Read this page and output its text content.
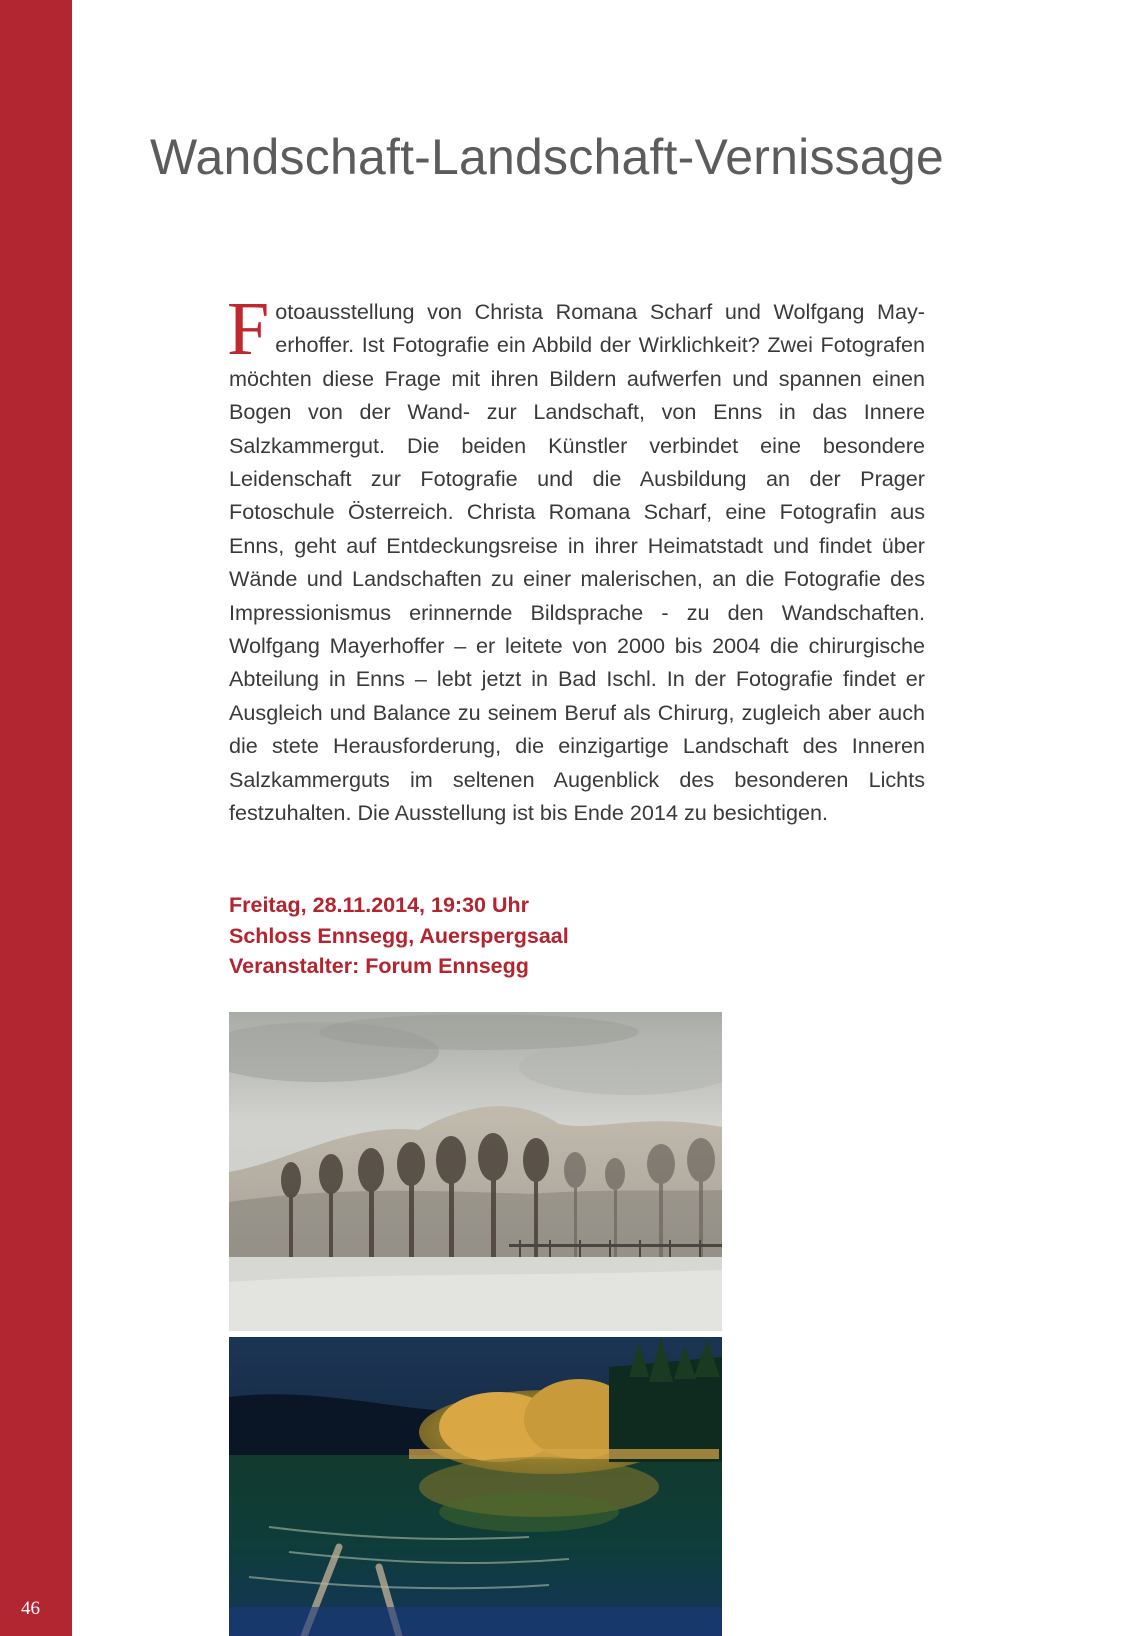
46
Wandschaft-Landschaft-Vernissage

Fotoausstellung von Christa Romana Scharf und Wolfgang Mayerhoffer. Ist Fotografie ein Abbild der Wirklichkeit? Zwei Fotografen möchten diese Frage mit ihren Bildern aufwerfen und spannen einen Bogen von der Wand- zur Landschaft, von Enns in das Innere Salzkammergut. Die beiden Künstler verbindet eine besondere Leidenschaft zur Fotografie und die Ausbildung an der Prager Fotoschule Österreich. Christa Romana Scharf, eine Fotografin aus Enns, geht auf Entdeckungsreise in ihrer Heimatstadt und findet über Wände und Landschaften zu einer malerischen, an die Fotografie des Impressionismus erinnernde Bildsprache - zu den Wandschaften. Wolfgang Mayerhoffer – er leitete von 2000 bis 2004 die chirurgische Abteilung in Enns – lebt jetzt in Bad Ischl. In der Fotografie findet er Ausgleich und Balance zu seinem Beruf als Chirurg, zugleich aber auch die stete Herausforderung, die einzigartige Landschaft des Inneren Salzkammerguts im seltenen Augenblick des besonderen Lichts festzuhalten. Die Ausstellung ist bis Ende 2014 zu besichtigen.

Freitag, 28.11.2014, 19:30 Uhr
Schloss Ennsegg, Auerspergsaal
Veranstalter: Forum Ennsegg
